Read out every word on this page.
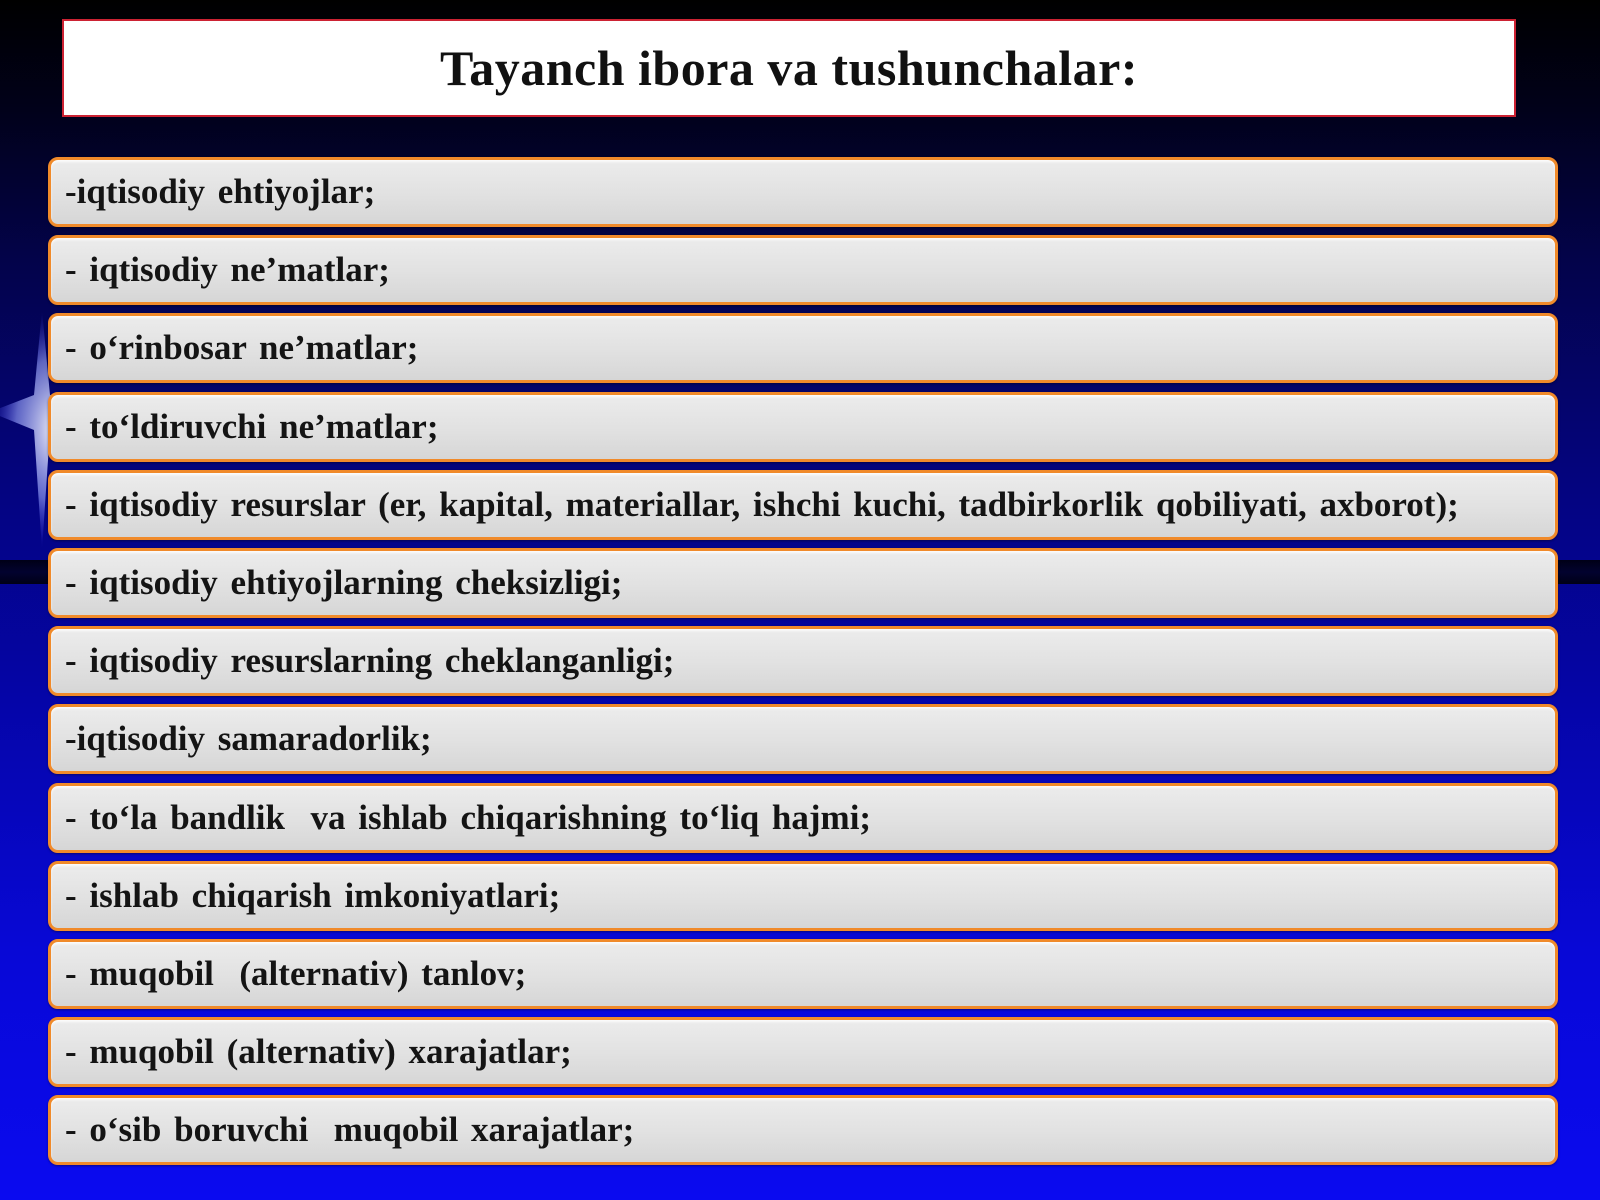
Tayanch ibora va tushunchalar:
-iqtisodiy ehtiyojlar;
- iqtisodiy ne’matlar;
- o‘rinbosar ne’matlar;
- to‘ldiruvchi ne’matlar;
- iqtisodiy resurslar (er, kapital, materiallar, ishchi kuchi, tadbirkorlik qobiliyati, axborot);
- iqtisodiy ehtiyojlarning cheksizligi;
- iqtisodiy resurslarning cheklanganligi;
-iqtisodiy samaradorlik;
- to‘la bandlik  va ishlab chiqarishning to‘liq hajmi;
- ishlab chiqarish imkoniyatlari;
- muqobil  (alternativ) tanlov;
- muqobil (alternativ) xarajatlar;
- o‘sib boruvchi  muqobil xarajatlar;
